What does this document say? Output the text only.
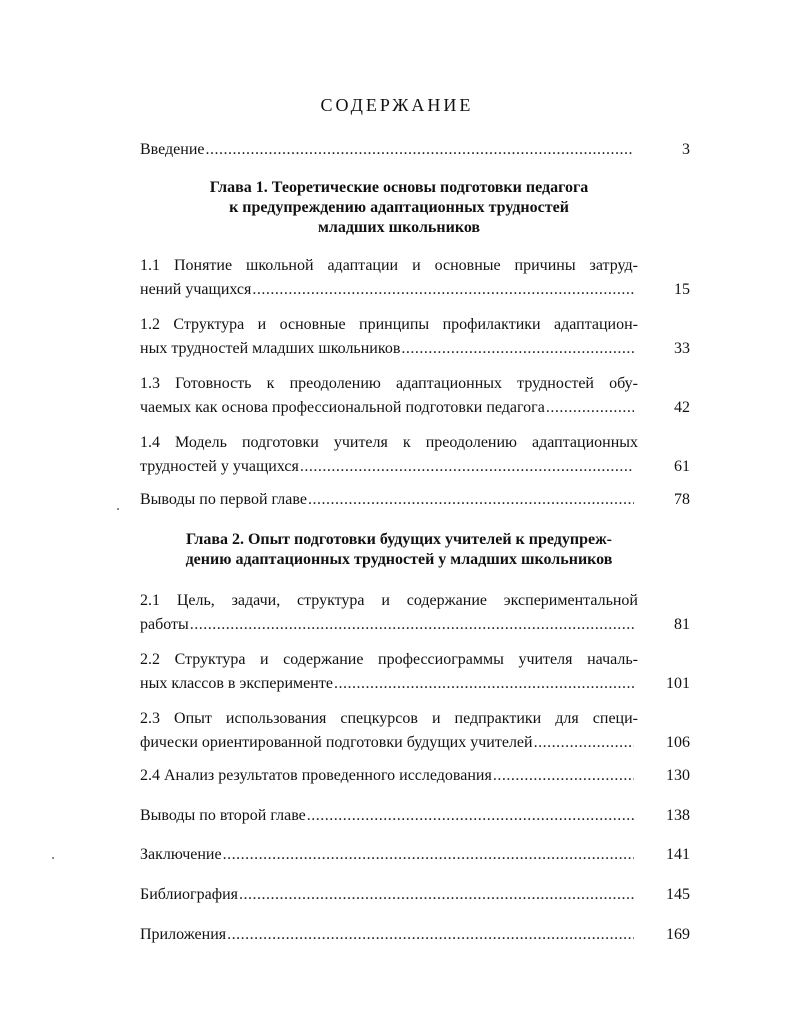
СОДЕРЖАНИЕ
Введение .....	3
Глава 1. Теоретические основы подготовки педагога
к предупреждению адаптационных трудностей
младших школьников
1.1 Понятие школьной адаптации и основные причины затруд-
нений учащихся .....	15
1.2 Структура и основные принципы профилактики адаптацион-
ных трудностей младших школьников .....	33
1.3 Готовность к преодолению адаптационных трудностей обу-
чаемых как основа профессиональной подготовки педагога .....	42
1.4 Модель подготовки учителя к преодолению адаптационных
трудностей у учащихся .....	61
Выводы по первой главе .....	78
Глава 2. Опыт подготовки будущих учителей к предупреж-
дению адаптационных трудностей у младших школьников
2.1 Цель, задачи, структура и содержание экспериментальной
работы .....	81
2.2 Структура и содержание профессиограммы учителя началь-
ных классов в эксперименте .....	101
2.3 Опыт использования спецкурсов и педпрактики для специ-
фически ориентированной подготовки будущих учителей .....	106
2.4 Анализ результатов проведенного исследования .....	130
Выводы по второй главе .....	138
Заключение .....	141
Библиография .....	145
Приложения .....	169
